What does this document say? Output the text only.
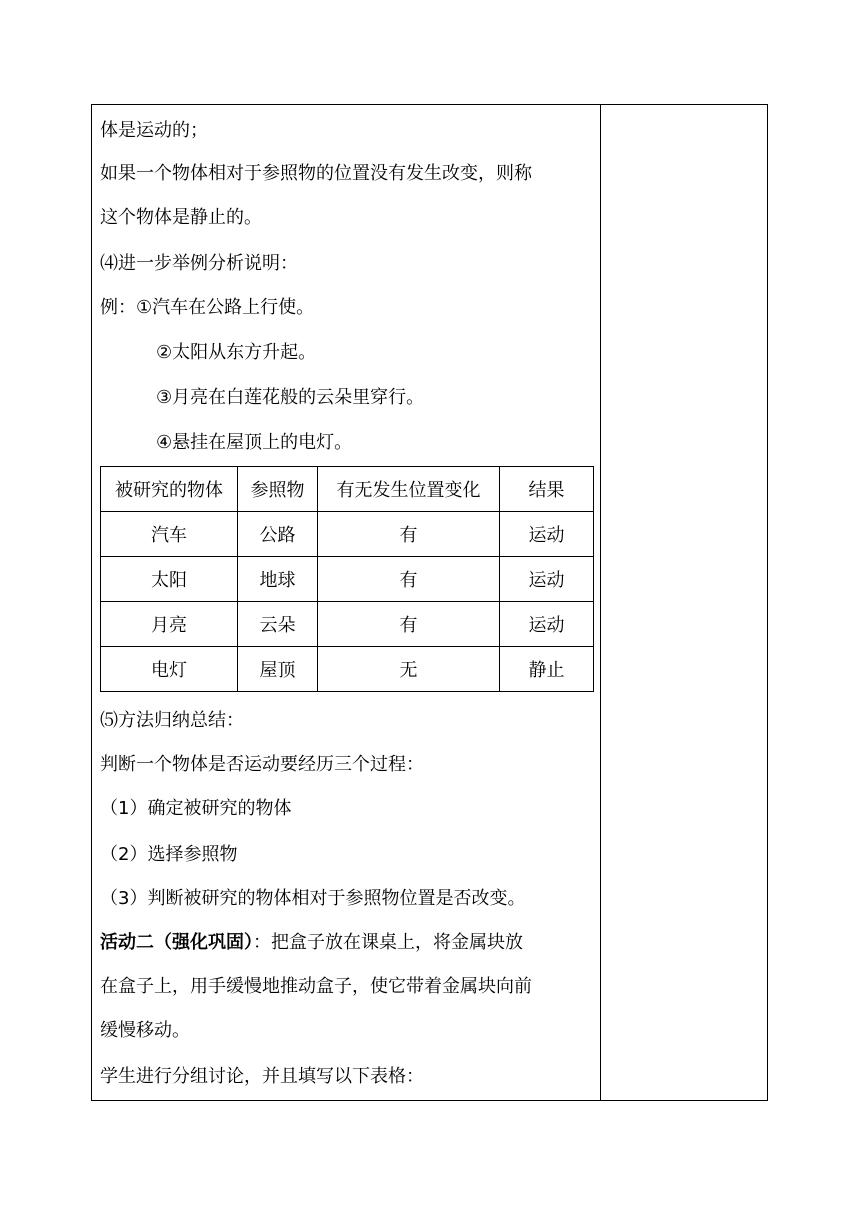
体是运动的；
如果一个物体相对于参照物的位置没有发生改变，则称
这个物体是静止的。
⑷进一步举例分析说明：
例：①汽车在公路上行使。
②太阳从东方升起。
③月亮在白莲花般的云朵里穿行。
④悬挂在屋顶上的电灯。
⑸方法归纳总结：
判断一个物体是否运动要经历三个过程：
（1）确定被研究的物体
（2）选择参照物
（3）判断被研究的物体相对于参照物位置是否改变。
活动二（强化巩固）：把盒子放在课桌上，将金属块放
在盒子上，用手缓慢地推动盒子，使它带着金属块向前
缓慢移动。
学生进行分组讨论，并且填写以下表格：
被研究的物体	参照物	有无发生位置变化	结果
汽车	公路	有	运动
太阳	地球	有	运动
月亮	云朵	有	运动
电灯	屋顶	无	静止
